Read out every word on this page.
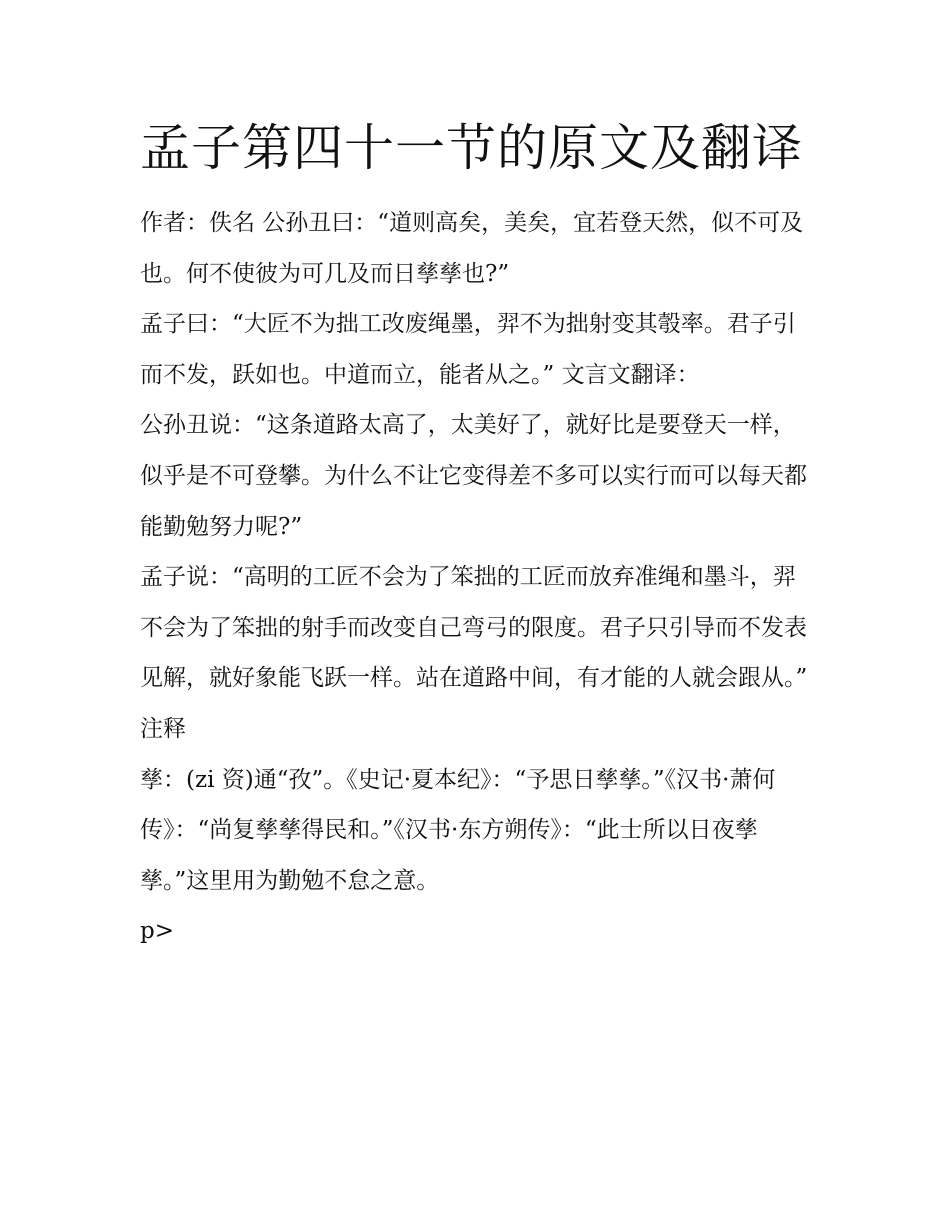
孟子第四十一节的原文及翻译

作者：佚名 公孙丑曰：“道则高矣，美矣，宜若登天然，似不可及也。何不使彼为可几及而日孳孳也?”

孟子曰：“大匠不为拙工改废绳墨，羿不为拙射变其彀率。君子引而不发，跃如也。中道而立，能者从之。” 文言文翻译：

公孙丑说：“这条道路太高了，太美好了，就好比是要登天一样，似乎是不可登攀。为什么不让它变得差不多可以实行而可以每天都能勤勉努力呢?”

孟子说：“高明的工匠不会为了笨拙的工匠而放弃准绳和墨斗，羿不会为了笨拙的射手而改变自己弯弓的限度。君子只引导而不发表见解，就好象能飞跃一样。站在道路中间，有才能的人就会跟从。”

注释

孳：(zi 资)通“孜”。《史记·夏本纪》：“予思日孳孳。”《汉书·萧何传》：“尚复孳孳得民和。”《汉书·东方朔传》：“此士所以日夜孳孳。”这里用为勤勉不怠之意。

p>
